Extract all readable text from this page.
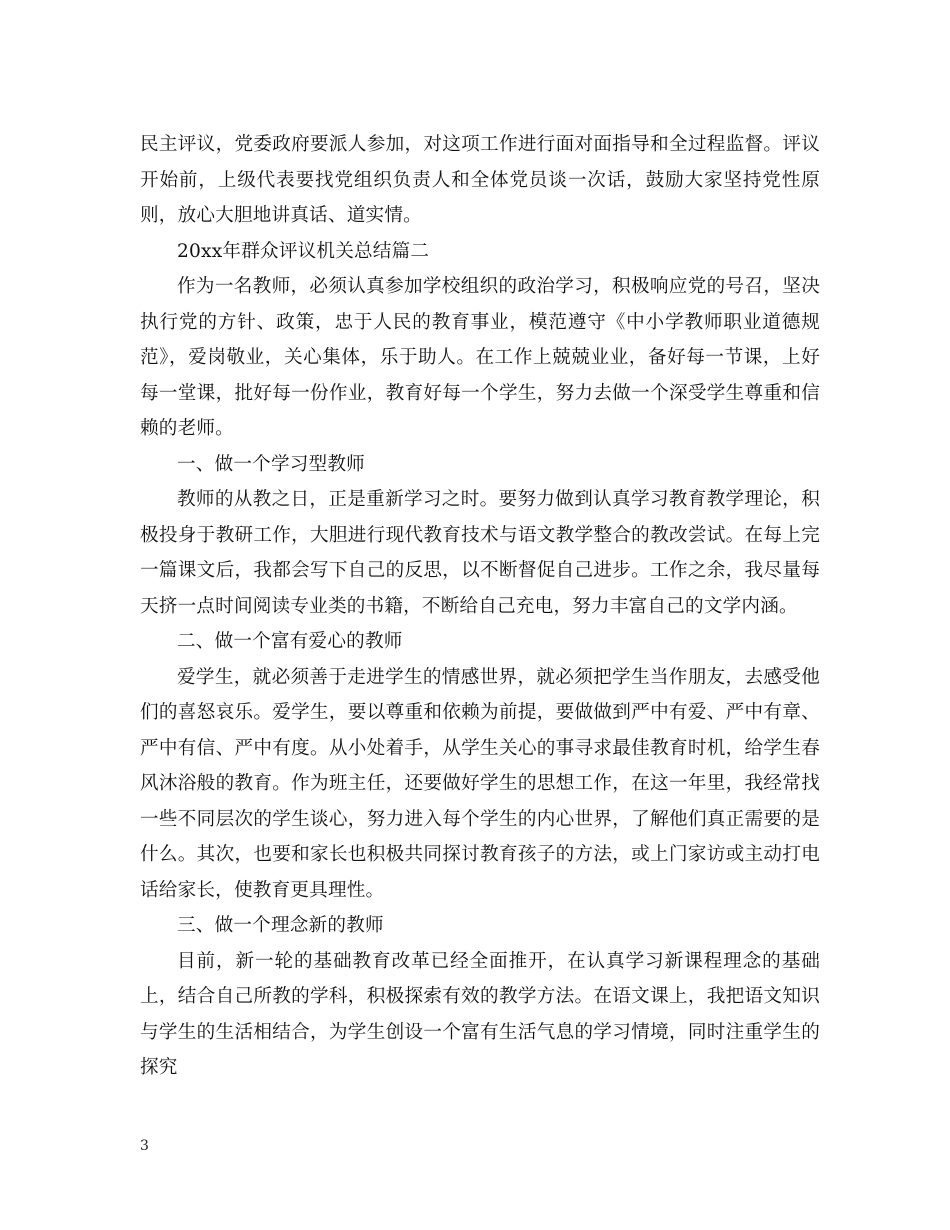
民主评议，党委政府要派人参加，对这项工作进行面对面指导和全过程监督。评议开始前，上级代表要找党组织负责人和全体党员谈一次话，鼓励大家坚持党性原则，放心大胆地讲真话、道实情。

20xx年群众评议机关总结篇二

作为一名教师，必须认真参加学校组织的政治学习，积极响应党的号召，坚决执行党的方针、政策，忠于人民的教育事业，模范遵守《中小学教师职业道德规范》，爱岗敬业，关心集体，乐于助人。在工作上兢兢业业，备好每一节课，上好每一堂课，批好每一份作业，教育好每一个学生，努力去做一个深受学生尊重和信赖的老师。

一、做一个学习型教师

教师的从教之日，正是重新学习之时。要努力做到认真学习教育教学理论，积极投身于教研工作，大胆进行现代教育技术与语文教学整合的教改尝试。在每上完一篇课文后，我都会写下自己的反思，以不断督促自己进步。工作之余，我尽量每天挤一点时间阅读专业类的书籍，不断给自己充电，努力丰富自己的文学内涵。

二、做一个富有爱心的教师

爱学生，就必须善于走进学生的情感世界，就必须把学生当作朋友，去感受他们的喜怒哀乐。爱学生，要以尊重和依赖为前提，要做做到严中有爱、严中有章、严中有信、严中有度。从小处着手，从学生关心的事寻求最佳教育时机，给学生春风沐浴般的教育。作为班主任，还要做好学生的思想工作，在这一年里，我经常找一些不同层次的学生谈心，努力进入每个学生的内心世界，了解他们真正需要的是什么。其次，也要和家长也积极共同探讨教育孩子的方法，或上门家访或主动打电话给家长，使教育更具理性。

三、做一个理念新的教师

目前，新一轮的基础教育改革已经全面推开，在认真学习新课程理念的基础上，结合自己所教的学科，积极探索有效的教学方法。在语文课上，我把语文知识与学生的生活相结合，为学生创设一个富有生活气息的学习情境，同时注重学生的探究

3
